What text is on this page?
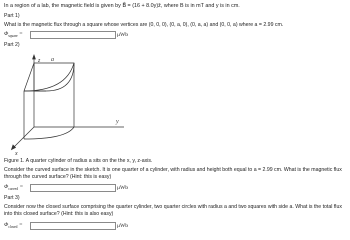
In a region of a lab, the magnetic field is given by B⃗ = (16 + 8.0y)ẑ, where B is in mT and y is in cm.
Part 1)
What is the magnetic flux through a square whose vertices are (0, 0, 0), (0, a, 0), (0, a, a) and (0, 0, a) where a = 2.99 cm.
$\Phi_{square}$ =	μWb
Part 2)
z a
y
x
Figure 1. A quarter cylinder of radius a sits on the the x, y, z-axis.
Consider the curved surface in the sketch. It is one quarter of a cylinder, with radius and height both equal to a = 2.99 cm. What is the magnetic flux through the curved surface? (Hint: this is easy)
$\Phi_{curved}$ =	μWb
Part 3)
Consider now the closed surface comprising the quarter cylinder, two quarter circles with radius a and two squares with side a. What is the total flux into this closed surface? (Hint: this is also easy)
$\Phi_{closed}$ =	μWb
